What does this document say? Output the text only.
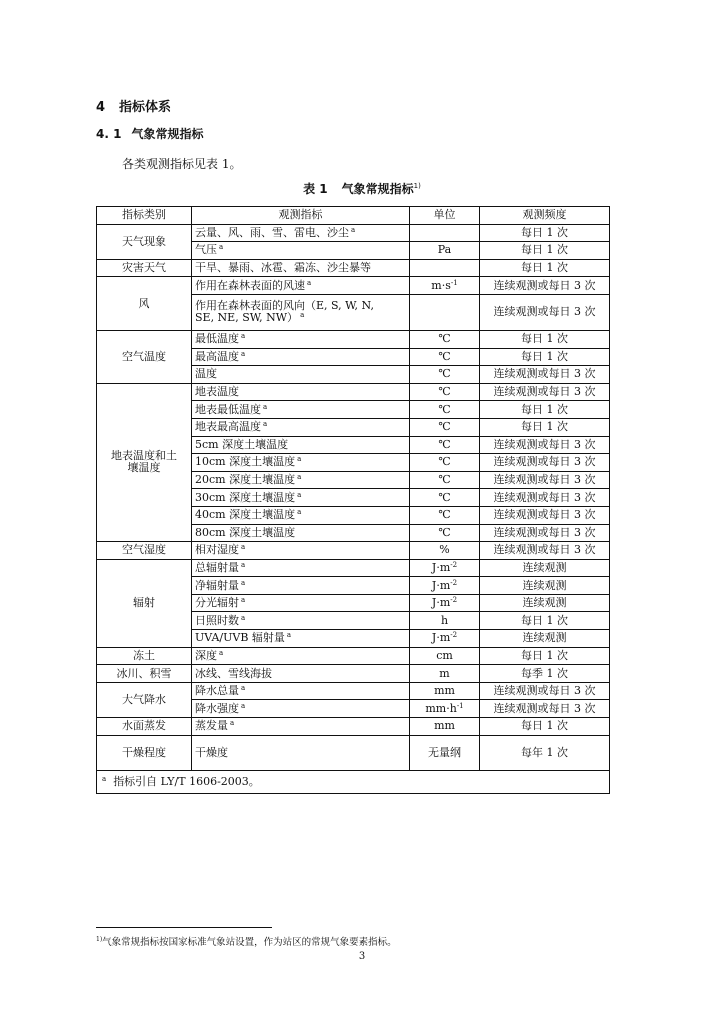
4 指标体系
4. 1 气象常规指标
各类观测指标见表 1。
表 1 气象常规指标$^{1)}$
指标类别	观测指标	单位	观测频度
天气现象	云量、风、雨、雪、雷电、沙尘 $^a$		每日 1 次
	气压 $^a$	Pa	每日 1 次
灾害天气	干旱、暴雨、冰雹、霜冻、沙尘暴等		每日 1 次
风	作用在森林表面的风速 $^a$	$m\cdot s^{-1}$	连续观测或每日 3 次
	作用在森林表面的风向（E, S, W, N,
SE, NE, SW, NW） $^a$		连续观测或每日 3 次
空气温度	最低温度 $^a$	℃	每日 1 次
	最高温度 $^a$	℃	每日 1 次
	温度	℃	连续观测或每日 3 次
地表温度和土
壤温度	地表温度	℃	连续观测或每日 3 次
	地表最低温度 $^a$	℃	每日 1 次
	地表最高温度 $^a$	℃	每日 1 次
	5cm 深度土壤温度	℃	连续观测或每日 3 次
	10cm 深度土壤温度 $^a$	℃	连续观测或每日 3 次
	20cm 深度土壤温度 $^a$	℃	连续观测或每日 3 次
	30cm 深度土壤温度 $^a$	℃	连续观测或每日 3 次
	40cm 深度土壤温度 $^a$	℃	连续观测或每日 3 次
	80cm 深度土壤温度	℃	连续观测或每日 3 次
空气湿度	相对湿度 $^a$	%	连续观测或每日 3 次
辐射	总辐射量 $^a$	$J\cdot m^{-2}$	连续观测
	净辐射量 $^a$	$J\cdot m^{-2}$	连续观测
	分光辐射 $^a$	$J\cdot m^{-2}$	连续观测
	日照时数 $^a$	h	每日 1 次
	UVA/UVB 辐射量 $^a$	$J\cdot m^{-2}$	连续观测
冻土	深度 $^a$	cm	每日 1 次
冰川、积雪	冰线、雪线海拔	m	每季 1 次
大气降水	降水总量 $^a$	mm	连续观测或每日 3 次
	降水强度 $^a$	$mm\cdot h^{-1}$	连续观测或每日 3 次
水面蒸发	蒸发量 $^a$	mm	每日 1 次
干燥程度	干燥度	无量纲	每年 1 次
$^a$ 指标引自 LY/T 1606-2003。			
$^{1)}$气象常规指标按国家标准气象站设置，作为站区的常规气象要素指标。
3
